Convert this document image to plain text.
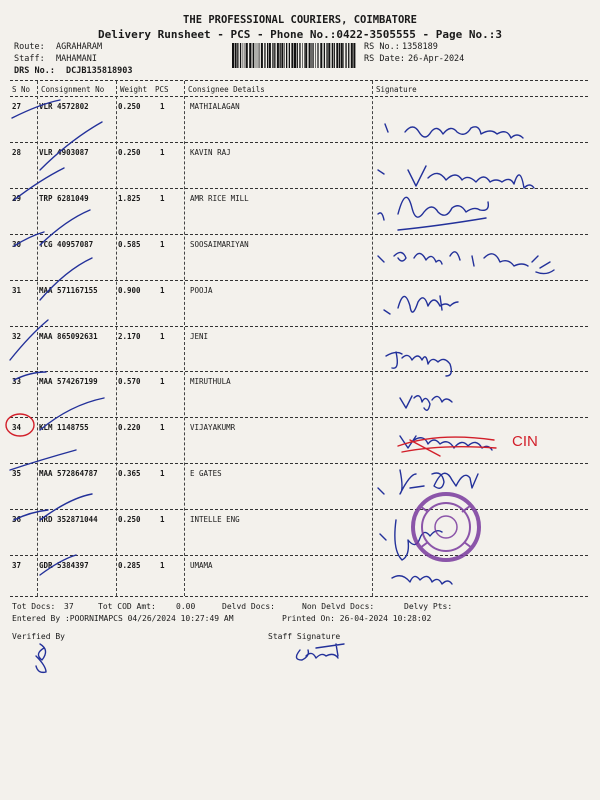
THE PROFESSIONAL COURIERS, COIMBATORE
Delivery Runsheet - PCS - Phone No.:0422-3505555 - Page No.:3
Route: AGRAHARAM
Staff: MAHAMANI
DRS No.: DCJB135818903
RS No.: 1358189
RS Date: 26-Apr-2024
S No Consignment No Weight PCS	Consignee Details	Signature
27 VLR 4572802	0.250	1	MATHIALAGAN
28 VLR 4903087	0.250	1	KAVIN RAJ
29 TRP 6281049	1.825	1	AMR RICE MILL
30 TCG 40957087	0.585	1	SOOSAIMARIYAN
31 MAA 571167155	0.900	1	POOJA
32 MAA 865092631	2.170	1	JENI
33 MAA 574267199	0.570	1	MIRUTHULA
34 KLM 1148755	0.220	1	VIJAYAKUMR
35 MAA 572864787	0.365	1	E GATES
36 HRD 352871044	0.250	1	INTELLE ENG
37 GDR 5384397	0.285	1	UMAMA
Tot Docs: 37	Tot COD Amt:	0.00	Delvd Docs:	Non Delvd Docs:	Delvy Pts:
Entered By :POORNIMAPCS 04/26/2024 10:27:49 AM	Printed On: 26-04-2024 10:28:02
Verified By	Staff Signature
CIN
